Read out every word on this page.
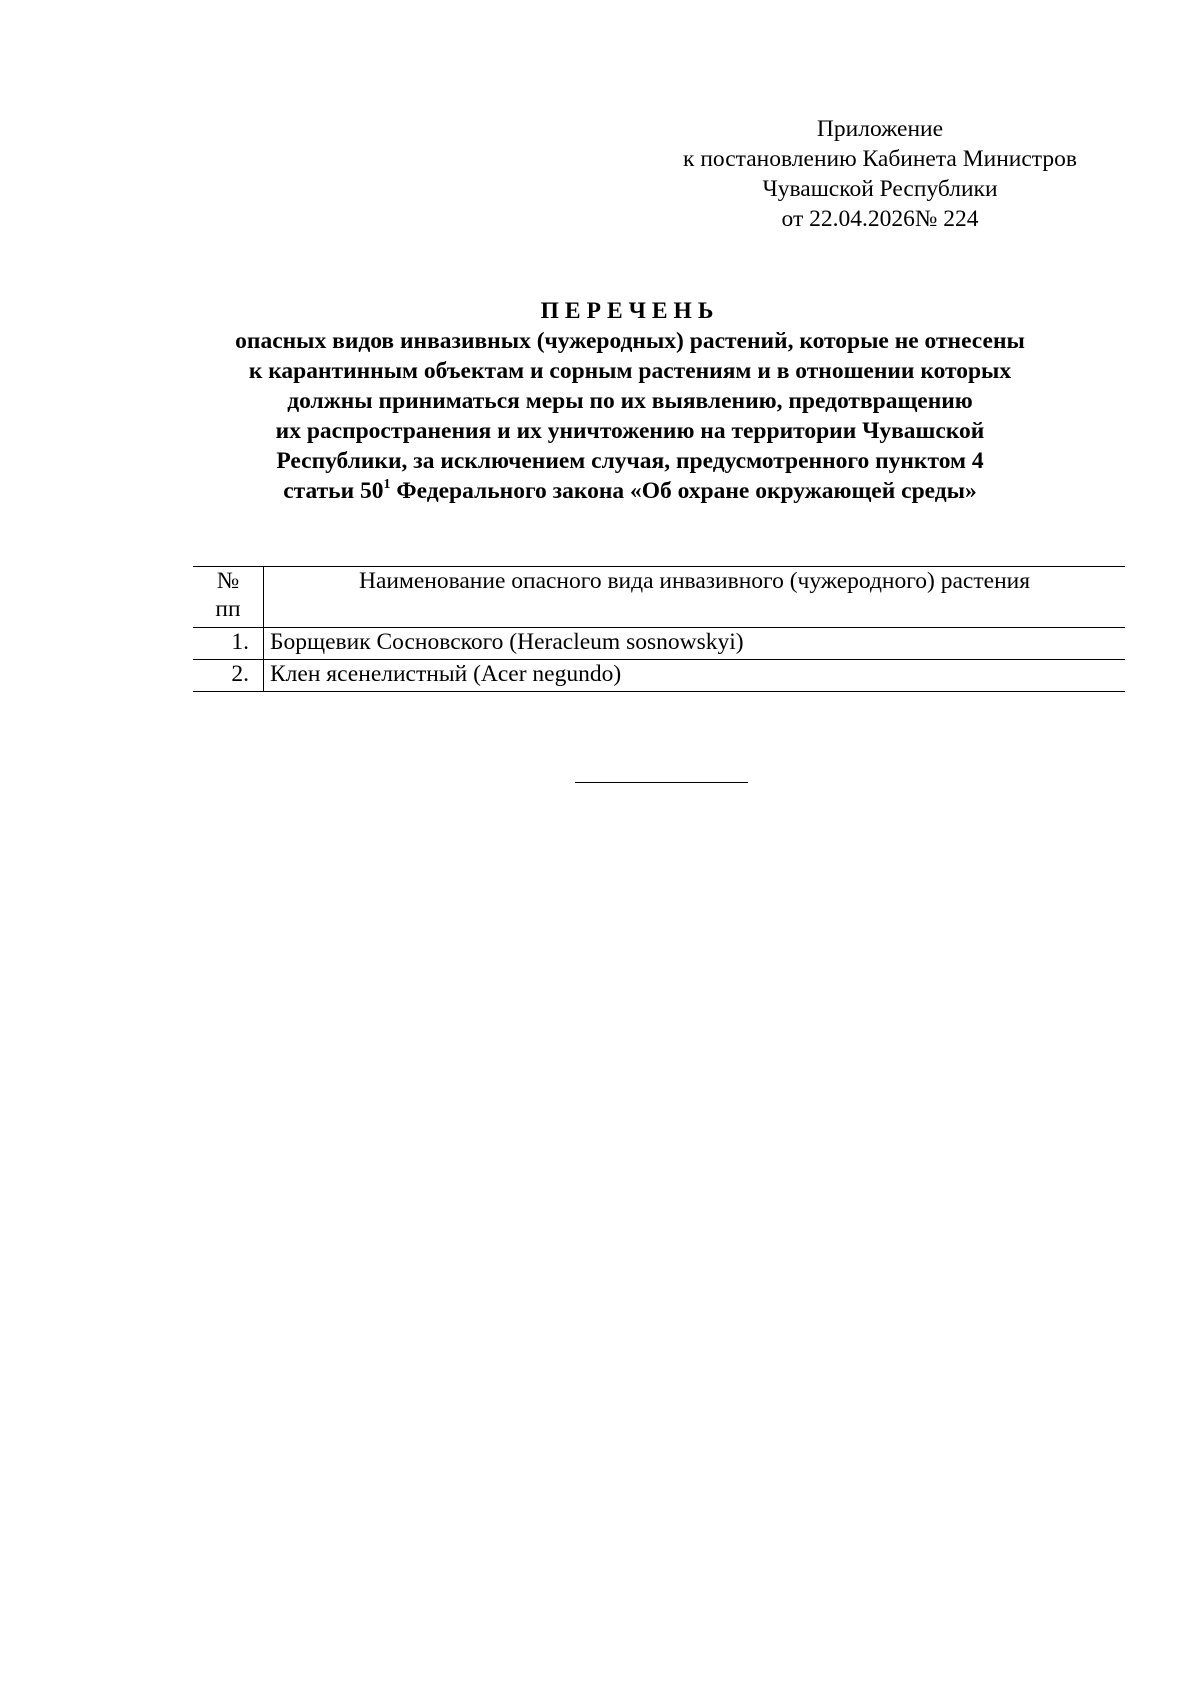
Приложение
к постановлению Кабинета Министров
Чувашской Республики
от 22.04.2026№ 224
ПЕРЕЧЕНЬ
опасных видов инвазивных (чужеродных) растений, которые не отнесены
к карантинным объектам и сорным растениям и в отношении которых
должны приниматься меры по их выявлению, предотвращению
их распространения и их уничтожению на территории Чувашской
Республики, за исключением случая, предусмотренного пунктом 4
статьи $50^1$ Федерального закона «Об охране окружающей среды»
№
пп	Наименование опасного вида инвазивного (чужеродного) растения
1.	Борщевик Сосновского (Heracleum sosnowskyi)
2.	Клен ясенелистный (Acer negundo)
